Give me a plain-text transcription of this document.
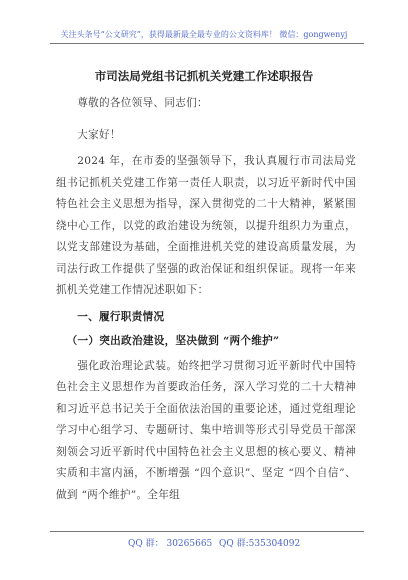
关注头条号“公文研究”，获得最新最全最专业的公文资料库！ 微信：gongwenyj
市司法局党组书记抓机关党建工作述职报告

尊敬的各位领导、同志们：

大家好！

2024 年，在市委的坚强领导下，我认真履行市司法局党组书记抓机关党建工作第一责任人职责，以习近平新时代中国特色社会主义思想为指导，深入贯彻党的二十大精神，紧紧围绕中心工作，以党的政治建设为统领，以提升组织力为重点，以党支部建设为基础，全面推进机关党的建设高质量发展，为司法行政工作提供了坚强的政治保证和组织保证。现将一年来抓机关党建工作情况述职如下：

一、履行职责情况

（一）突出政治建设，坚决做到 “两个维护”

强化政治理论武装。始终把学习贯彻习近平新时代中国特色社会主义思想作为首要政治任务，深入学习党的二十大精神和习近平总书记关于全面依法治国的重要论述，通过党组理论学习中心组学习、专题研讨、集中培训等形式引导党员干部深刻领会习近平新时代中国特色社会主义思想的核心要义、精神实质和丰富内涵，不断增强 “四个意识”、坚定 “四个自信”、做到 “两个维护”。全年组

QQ 群： 30265665 QQ 群:535304092
